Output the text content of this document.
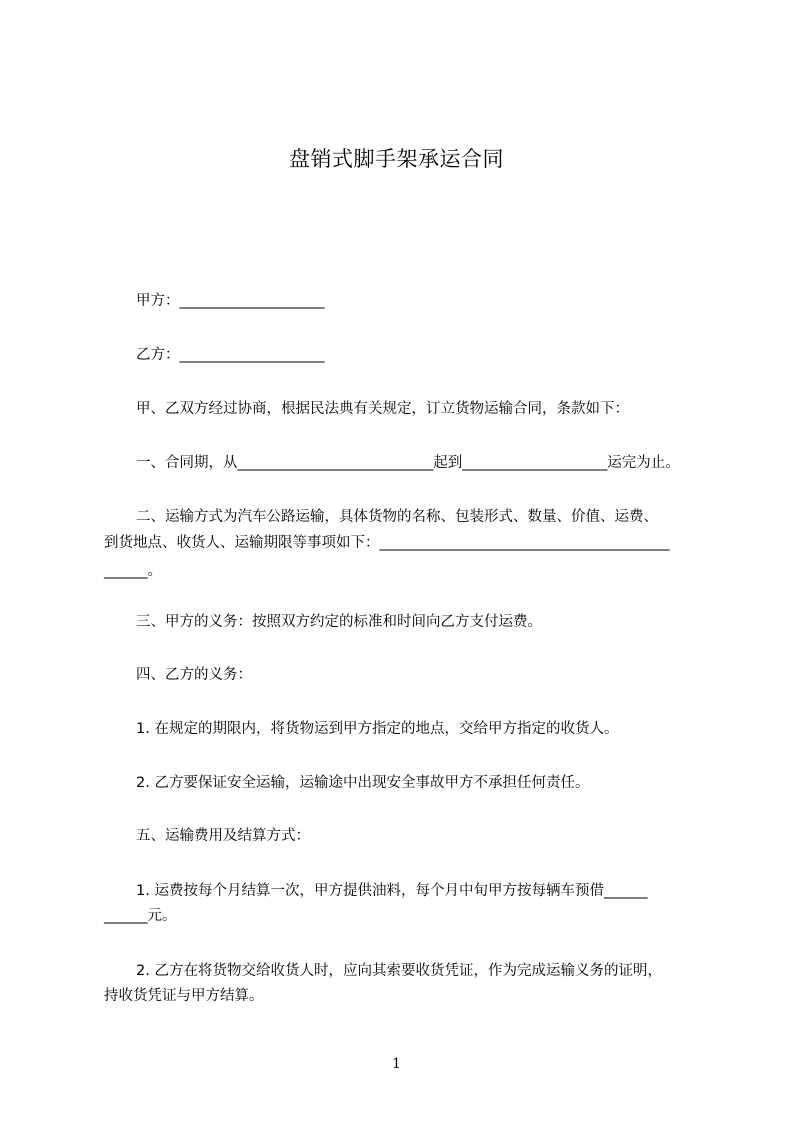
盘销式脚手架承运合同
甲方：____________________
乙方：____________________
甲、乙双方经过协商，根据民法典有关规定，订立货物运输合同，条款如下：
一、合同期，从___________________________起到____________________运完为止。
二、运输方式为汽车公路运输，具体货物的名称、包装形式、数量、价值、运费、
到货地点、收货人、运输期限等事项如下：________________________________________
______。
三、甲方的义务：按照双方约定的标准和时间向乙方支付运费。
四、乙方的义务：
1. 在规定的期限内，将货物运到甲方指定的地点，交给甲方指定的收货人。
2. 乙方要保证安全运输，运输途中出现安全事故甲方不承担任何责任。
五、运输费用及结算方式：
1. 运费按每个月结算一次，甲方提供油料，每个月中旬甲方按每辆车预借______
______元。
2. 乙方在将货物交给收货人时，应向其索要收货凭证，作为完成运输义务的证明，
持收货凭证与甲方结算。
1
